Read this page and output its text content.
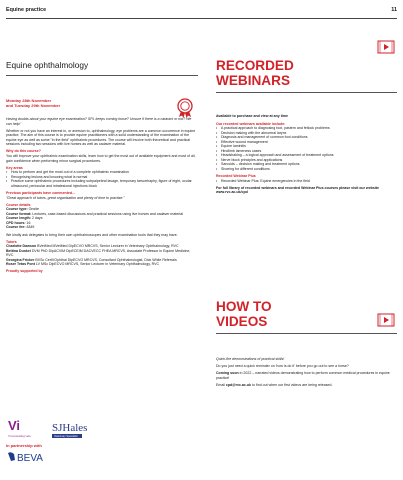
Equine practice	11
Equine ophthalmology
Monday 28th November
and Tuesday 29th November

Having doubts about your equine eye examination? SPL keeps coming loose? Unsure if there is a cataract or not? We can help!

Whether or not you have an interest in, or aversion to, ophthalmology, eye problems are a common occurrence in equine practice. The aim of this course is to provide equine practitioners with a solid understanding of the examination of the equine eye as well as some "in the field" ophthalmic procedures. The course will involve both theoretical and practical sessions including two sessions with live horses as well as cadaver material.

Why do this course?

You will improve your ophthalmic examination skills, learn how to get the most out of available equipment and most of all, gain confidence when performing minor surgical procedures.

Key areas
• How to perform and get the most out of a complete ophthalmic examination
• Recognising lesions and knowing what is normal
• Practice some ophthalmic procedures including subpalpebral lavage, temporary tarsorrhaphy, figure of eight, ocular ultrasound, periocular and intralesional injections block
Previous participants have commented...

"Great approach of tutors, great organisation and plenty of time to practise."

Course details
Course type: Onsite
Course format: Lectures, case-based discussions and practical sessions using live horses and cadaver material
Course length: 2 days
CPD hours: 16
Course fee: £849

We kindly ask delegates to bring their own ophthalmoscopes and other examination tools that they may have.

Tutors
Charlotte Dawson BVetMed MVetMed DipECVO MRCVS, Senior Lecturer in Veterinary Ophthalmology, RVC
Bettina Dunkel DVM PhD DipACVIM DipECEIM DACVECC FHEA MRCVS, Associate Professor in Equine Medicine, RVC
Georgina Fricker BVSc CertVOphthal DipECVO MRCVS, Consultant Ophthalmologist, Dick White Referrals
Roser Tetas Pont LV MSc DipECVO MRCVS, Senior Lecturer in Veterinary Ophthalmology, RVC
Proudly supported by
Vi
Vi connecting vets
SJHales
Veterinary Specialist
In partnership with
BEVA
RECORDED
WEBINARS
Available to purchase and view at any time
Our recorded webinars available include:
• A practical approach to diagnosing foot, pastern and fetlock problems
• Decision making with the abnormal larynx
• Diagnosis and management of common foot conditions
• Effective wound management
• Equine laminitis
• Hindlimb lameness cases
• Headshaking – a logical approach and assessment of treatment options
• Nerve block principles and applications
• Sarcoids – decision making and treatment options
• Shoeing for different conditions
Recorded Webinar Plus
• Recorded Webinar Plus: Equine emergencies in the field
For full library of recorded webinars and recorded Webinar Plus courses please visit our website www.rvc.ac.uk/cpd
HOW TO
VIDEOS

Quick-fire demonstrations of practical skills!

Do you just need a quick reminder on 'how is do it' before you go out to see a horse?

Coming soon in 2022 – narrated videos demonstrating how to perform common medical procedures in equine practice!

Email cpd@rvc.ac.uk to find out when our first videos are being released.
